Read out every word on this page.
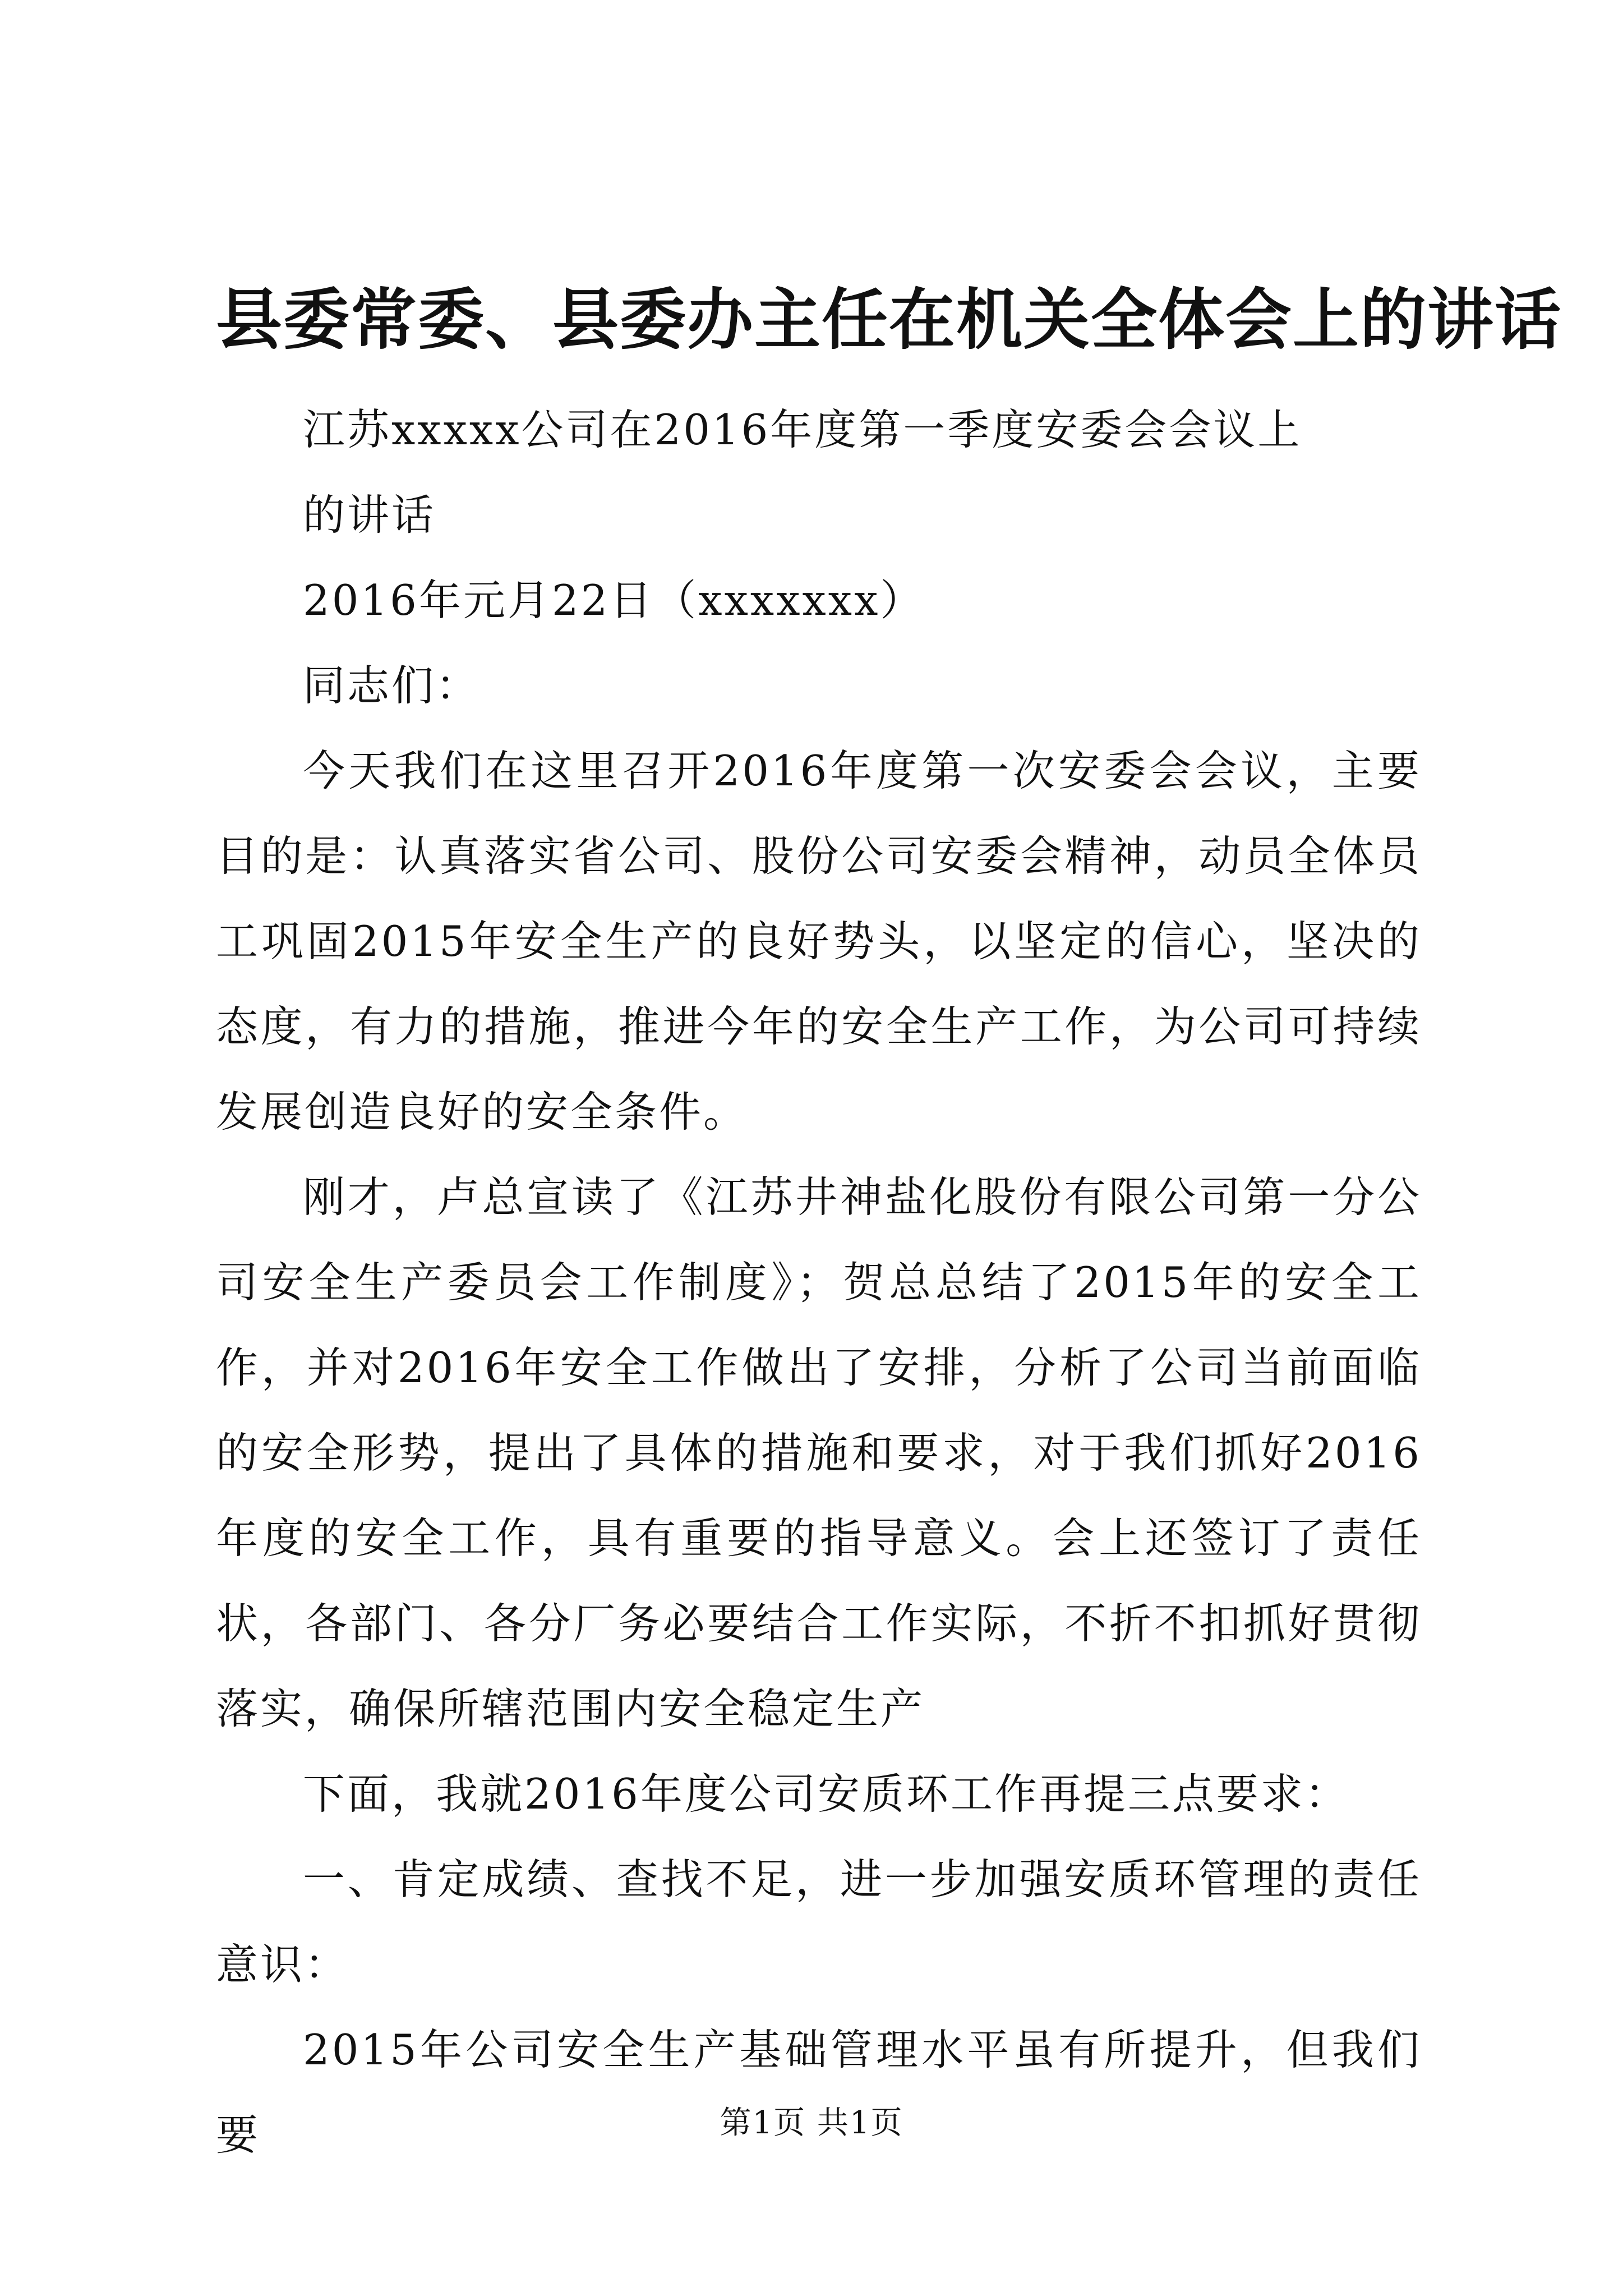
县委常委、县委办主任在机关全体会上的讲话

江苏xxxxx公司在2016年度第一季度安委会会议上

的讲话

2016年元月22日（xxxxxxx）

同志们：

今天我们在这里召开2016年度第一次安委会会议，主要目的是：认真落实省公司、股份公司安委会精神，动员全体员工巩固2015年安全生产的良好势头，以坚定的信心，坚决的态度，有力的措施，推进今年的安全生产工作，为公司可持续发展创造良好的安全条件。

刚才，卢总宣读了《江苏井神盐化股份有限公司第一分公司安全生产委员会工作制度》；贺总总结了2015年的安全工作，并对2016年安全工作做出了安排，分析了公司当前面临的安全形势，提出了具体的措施和要求，对于我们抓好2016年度的安全工作，具有重要的指导意义。会上还签订了责任状，各部门、各分厂务必要结合工作实际，不折不扣抓好贯彻落实，确保所辖范围内安全稳定生产

下面，我就2016年度公司安质环工作再提三点要求：

一、肯定成绩、查找不足，进一步加强安质环管理的责任意识：

2015年公司安全生产基础管理水平虽有所提升，但我们要	第1页 共1页
